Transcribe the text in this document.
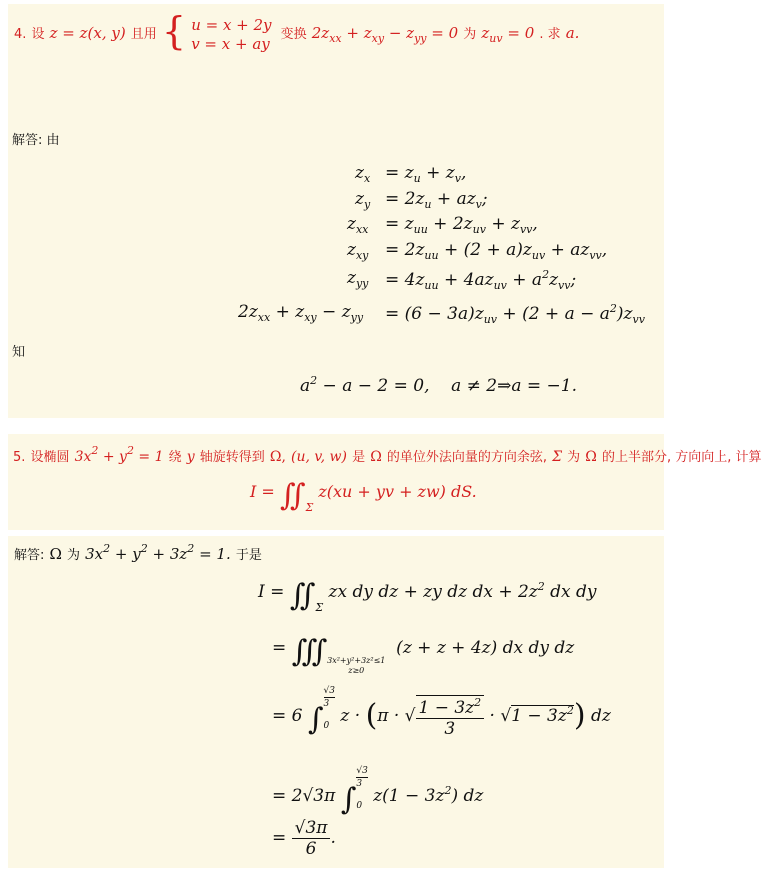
$^{4.}$ $^设$ z = z(x, y) $^{且用}$ { u = x + 2y
v = x + ay
$^{变换}$ $2z_{xx} + z_{xy} - z_{yy} = 0$ $^为$ $z_{uv} = 0$ $^{. 求}$ a.
解答: 由
$z_x = z_u + z_v$,
$z_y = 2z_u + az_v$;
$z_{xx} = z_{uu} + 2z_{uv} + z_{vv}$,
$z_{xy} = 2z_{uu} + (2 + a)z_{uv} + az_{vv}$,
$z_{yy} = 4z_{uu} + 4az_{uv} + a^2z_{vv}$;
$2z_{xx} + z_{xy} - z_{yy} = (6 - 3a)z_{uv} + (2 + a - a^2)z_{vv}$
知
$a^2 - a - 2 = 0$,    a ≠ 2⇒a = −1.
5. 设椭圆 $3x^2 + y^2 = 1$ 绕 y 轴旋转得到 Ω, (u, v, w) 是 Ω 的单位外法向量的方向余弦, Σ 为 Ω 的上半部分, 方向向上, 计算
$I = ∬_\Sigma$ z(xu + yv + zw) dS.
解答: Ω 为 $3x^2 + y^2 + 3z^2 = 1$. 于是
$I = ∬_\Sigma$ zx dy dz + zy dz dx + $2z^2$ dx dy
= ∭3x²+y²+3z²≤1
z≥0  (z + z + 4z) dx dy dz
= 6 ∫
√3
3
0 z · (π · √ $\frac{1 - 3z^2}{3} \cdot √1 - 3z^2$) dz
= 2√3π ∫
√3
3
0 $z(1 - 3z^2)$ dz
= $\frac{√3\pi}{6}$ .
